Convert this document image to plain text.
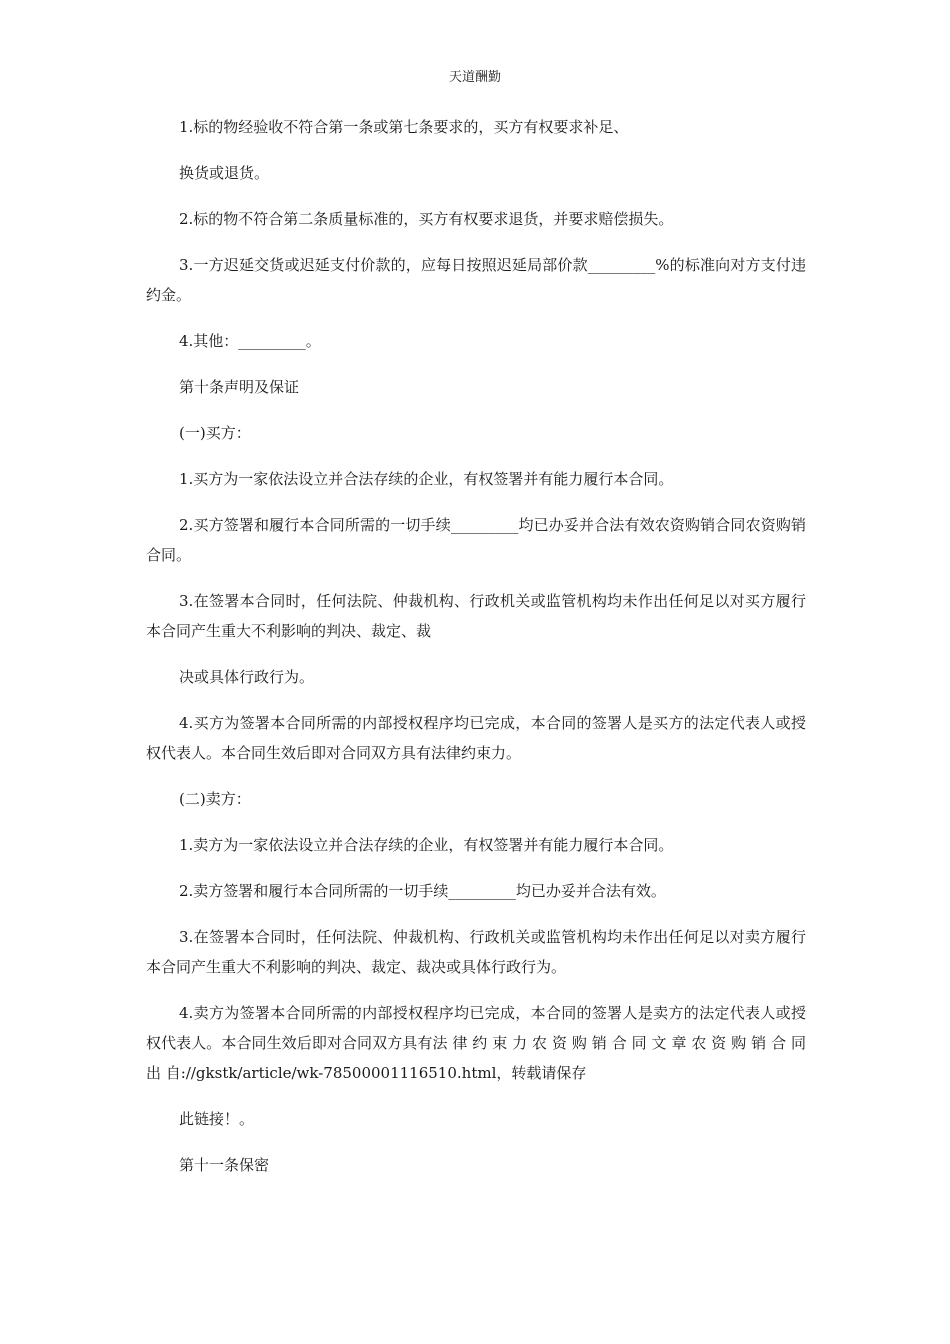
天道酬勤

1.标的物经验收不符合第一条或第七条要求的，买方有权要求补足、

换货或退货。

2.标的物不符合第二条质量标准的，买方有权要求退货，并要求赔偿损失。

3.一方迟延交货或迟延支付价款的，应每日按照迟延局部价款_________%的标准向对方支付违约金。

4.其他：_________。

第十条声明及保证

(一)买方：

1.买方为一家依法设立并合法存续的企业，有权签署并有能力履行本合同。

2.买方签署和履行本合同所需的一切手续_________均已办妥并合法有效农资购销合同农资购销合同。

3.在签署本合同时，任何法院、仲裁机构、行政机关或监管机构均未作出任何足以对买方履行本合同产生重大不利影响的判决、裁定、裁

决或具体行政行为。

4.买方为签署本合同所需的内部授权程序均已完成，本合同的签署人是买方的法定代表人或授权代表人。本合同生效后即对合同双方具有法律约束力。

(二)卖方：

1.卖方为一家依法设立并合法存续的企业，有权签署并有能力履行本合同。

2.卖方签署和履行本合同所需的一切手续_________均已办妥并合法有效。

3.在签署本合同时，任何法院、仲裁机构、行政机关或监管机构均未作出任何足以对卖方履行本合同产生重大不利影响的判决、裁定、裁决或具体行政行为。

4.卖方为签署本合同所需的内部授权程序均已完成，本合同的签署人是卖方的法定代表人或授权代表人。本合同生效后即对合同双方具有法 律 约 束 力 农 资 购 销 合 同 文 章 农 资 购 销 合 同 出 自://gkstk/article/wk-78500001116510.html，转载请保存

此链接！。

第十一条保密
